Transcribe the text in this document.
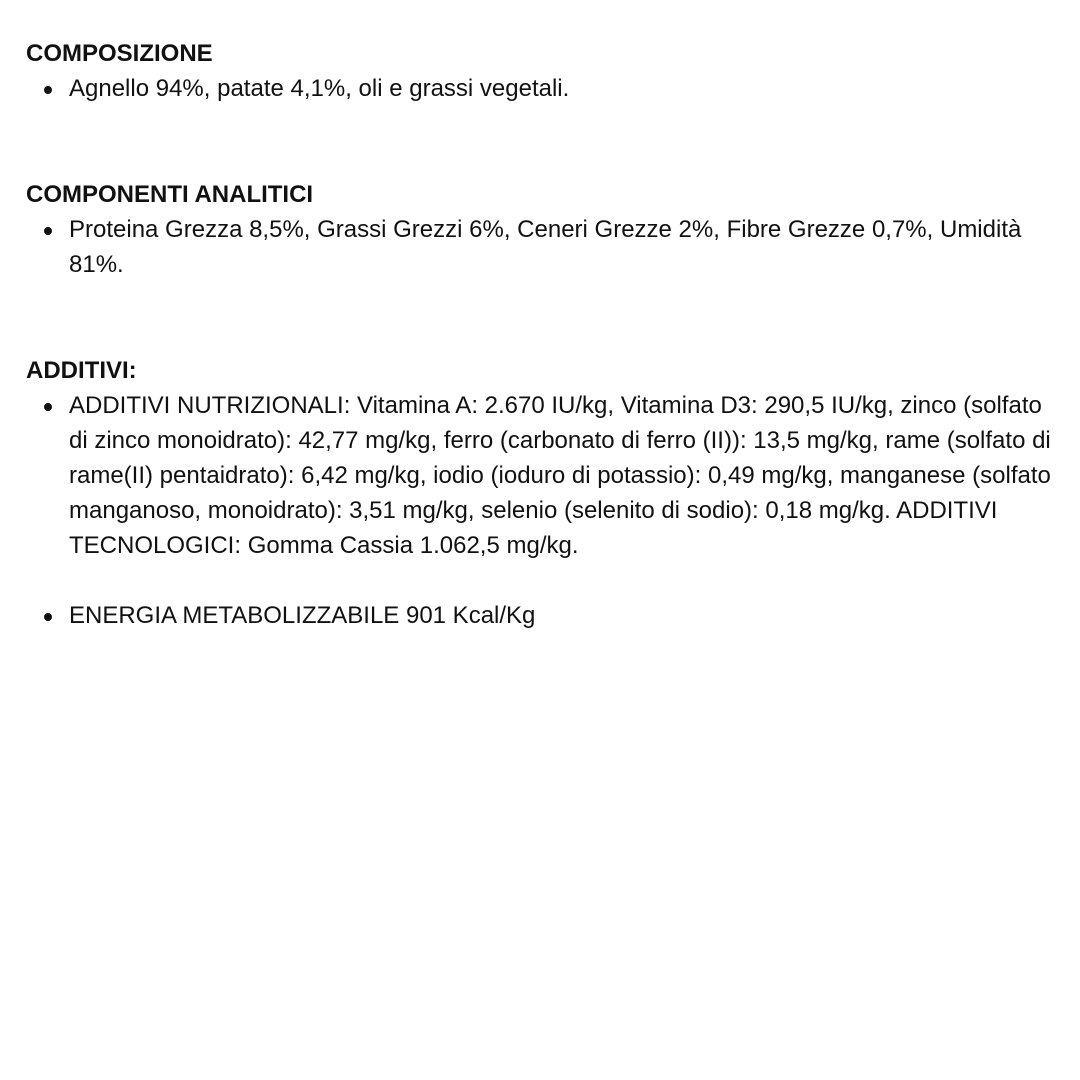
COMPOSIZIONE
Agnello 94%, patate 4,1%, oli e grassi vegetali.
COMPONENTI ANALITICI
Proteina Grezza 8,5%, Grassi Grezzi 6%, Ceneri Grezze 2%, Fibre Grezze 0,7%, Umidità 81%.
ADDITIVI:
ADDITIVI NUTRIZIONALI: Vitamina A: 2.670 IU/kg, Vitamina D3: 290,5 IU/kg, zinco (solfato di zinco monoidrato): 42,77 mg/kg, ferro (carbonato di ferro (II)): 13,5 mg/kg, rame (solfato di rame(II) pentaidrato): 6,42 mg/kg, iodio (ioduro di potassio): 0,49 mg/kg, manganese (solfato manganoso, monoidrato): 3,51 mg/kg, selenio (selenito di sodio): 0,18 mg/kg. ADDITIVI TECNOLOGICI: Gomma Cassia 1.062,5 mg/kg.
ENERGIA METABOLIZZABILE 901 Kcal/Kg
